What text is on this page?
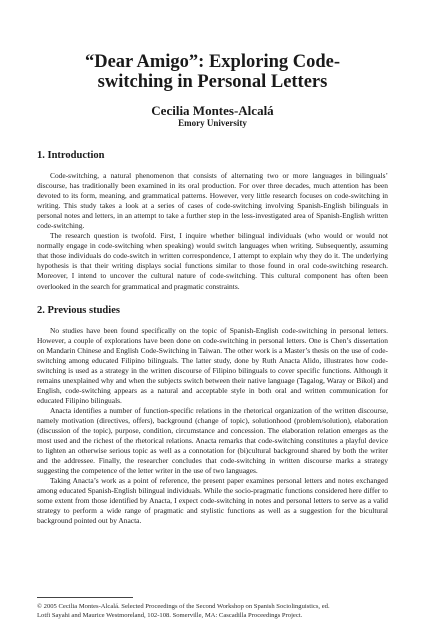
“Dear Amigo”: Exploring Code-switching in Personal Letters
Cecilia Montes-Alcalá
Emory University
1. Introduction

Code-switching, a natural phenomenon that consists of alternating two or more languages in bilinguals’ discourse, has traditionally been examined in its oral production. For over three decades, much attention has been devoted to its form, meaning, and grammatical patterns. However, very little research focuses on code-switching in writing. This study takes a look at a series of cases of code-switching involving Spanish-English bilinguals in personal notes and letters, in an attempt to take a further step in the less-investigated area of Spanish-English written code-switching.

The research question is twofold. First, I inquire whether bilingual individuals (who would or would not normally engage in code-switching when speaking) would switch languages when writing. Subsequently, assuming that those individuals do code-switch in written correspondence, I attempt to explain why they do it. The underlying hypothesis is that their writing displays social functions similar to those found in oral code-switching research. Moreover, I intend to uncover the cultural nature of code-switching. This cultural component has often been overlooked in the search for grammatical and pragmatic constraints.

2. Previous studies

No studies have been found specifically on the topic of Spanish-English code-switching in personal letters. However, a couple of explorations have been done on code-switching in personal letters. One is Chen’s dissertation on Mandarin Chinese and English Code-Switching in Taiwan. The other work is a Master’s thesis on the use of code-switching among educated Filipino bilinguals. The latter study, done by Ruth Anacta Alido, illustrates how code-switching is used as a strategy in the written discourse of Filipino bilinguals to cover specific functions. Although it remains unexplained why and when the subjects switch between their native language (Tagalog, Waray or Bikol) and English, code-switching appears as a natural and acceptable style in both oral and written communication for educated Filipino bilinguals.

Anacta identifies a number of function-specific relations in the rhetorical organization of the written discourse, namely motivation (directives, offers), background (change of topic), solutionhood (problem/solution), elaboration (discussion of the topic), purpose, condition, circumstance and concession. The elaboration relation emerges as the most used and the richest of the rhetorical relations. Anacta remarks that code-switching constitutes a playful device to lighten an otherwise serious topic as well as a connotation for (bi)cultural background shared by both the writer and the addressee. Finally, the researcher concludes that code-switching in written discourse marks a strategy suggesting the competence of the letter writer in the use of two languages.

Taking Anacta’s work as a point of reference, the present paper examines personal letters and notes exchanged among educated Spanish-English bilingual individuals. While the socio-pragmatic functions considered here differ to some extent from those identified by Anacta, I expect code-switching in notes and personal letters to serve as a valid strategy to perform a wide range of pragmatic and stylistic functions as well as a suggestion for the bicultural background pointed out by Anacta.

© 2005 Cecilia Montes-Alcalá. Selected Proceedings of the Second Workshop on Spanish Sociolinguistics, ed.
Lotfi Sayahi and Maurice Westmoreland, 102-108. Somerville, MA: Cascadilla Proceedings Project.
